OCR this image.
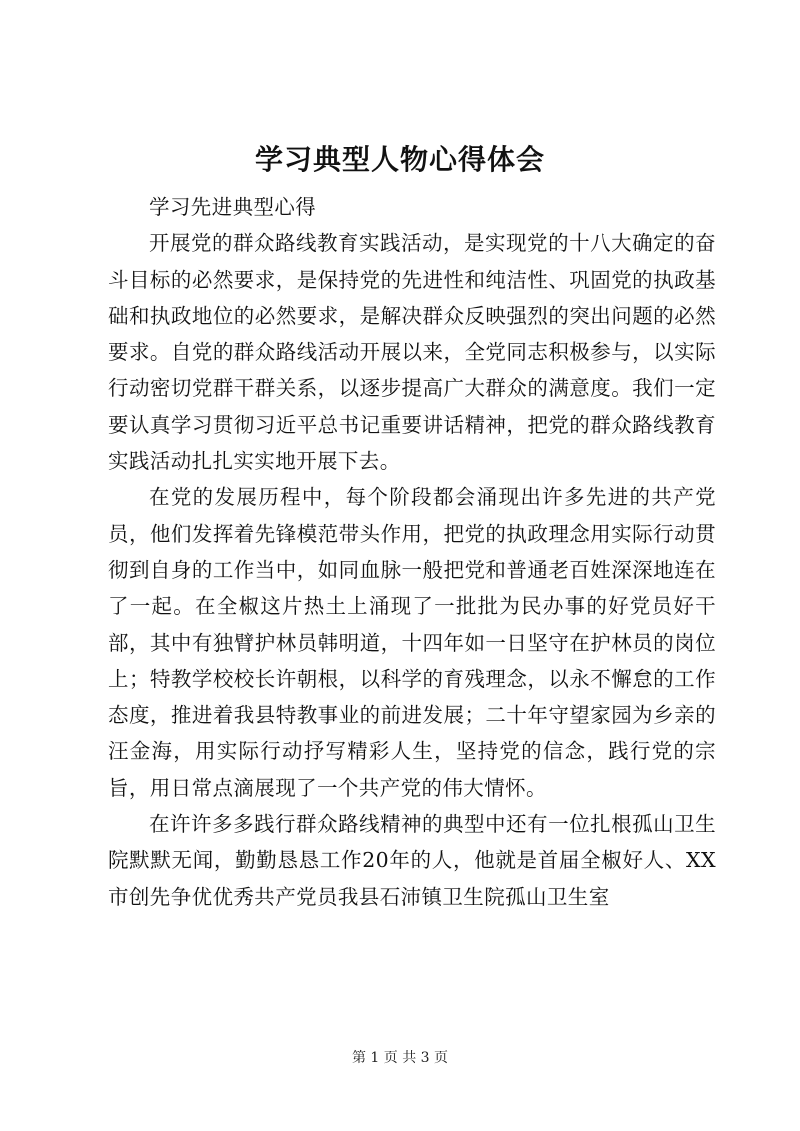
学习典型人物心得体会

学习先进典型心得

开展党的群众路线教育实践活动，是实现党的十八大确定的奋斗目标的必然要求，是保持党的先进性和纯洁性、巩固党的执政基础和执政地位的必然要求，是解决群众反映强烈的突出问题的必然要求。自党的群众路线活动开展以来，全党同志积极参与，以实际行动密切党群干群关系，以逐步提高广大群众的满意度。我们一定要认真学习贯彻习近平总书记重要讲话精神，把党的群众路线教育实践活动扎扎实实地开展下去。

在党的发展历程中，每个阶段都会涌现出许多先进的共产党员，他们发挥着先锋模范带头作用，把党的执政理念用实际行动贯彻到自身的工作当中，如同血脉一般把党和普通老百姓深深地连在了一起。在全椒这片热土上涌现了一批批为民办事的好党员好干部，其中有独臂护林员韩明道，十四年如一日坚守在护林员的岗位上；特教学校校长许朝根，以科学的育残理念，以永不懈怠的工作态度，推进着我县特教事业的前进发展；二十年守望家园为乡亲的汪金海，用实际行动抒写精彩人生，坚持党的信念，践行党的宗旨，用日常点滴展现了一个共产党的伟大情怀。

在许许多多践行群众路线精神的典型中还有一位扎根孤山卫生院默默无闻，勤勤恳恳工作20年的人，他就是首届全椒好人、XX市创先争优优秀共产党员我县石沛镇卫生院孤山卫生室

第 1 页 共 3 页
